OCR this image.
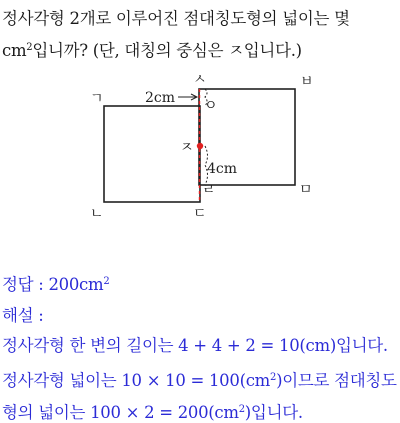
정사각형 2개로 이루어진 점대칭도형의 넓이는 몇
$cm^2$입니까? (단, 대칭의 중심은 ㅈ입니다.)
ㄱ
ㄴ	ㄷ
ㄹ	ㅁ
ㅂ
ㅅ
ㅇ
ㅈ
2cm
4cm
정답 : $200cm^2$
해설 :
정사각형 한 변의 길이는 4 + 4 + 2 = 10(cm)입니다.
정사각형 넓이는 $10 \times 10 = 100(cm^2)$이므로 점대칭도
형의 넓이는 $100 \times 2 = 200(cm^2)$입니다.
